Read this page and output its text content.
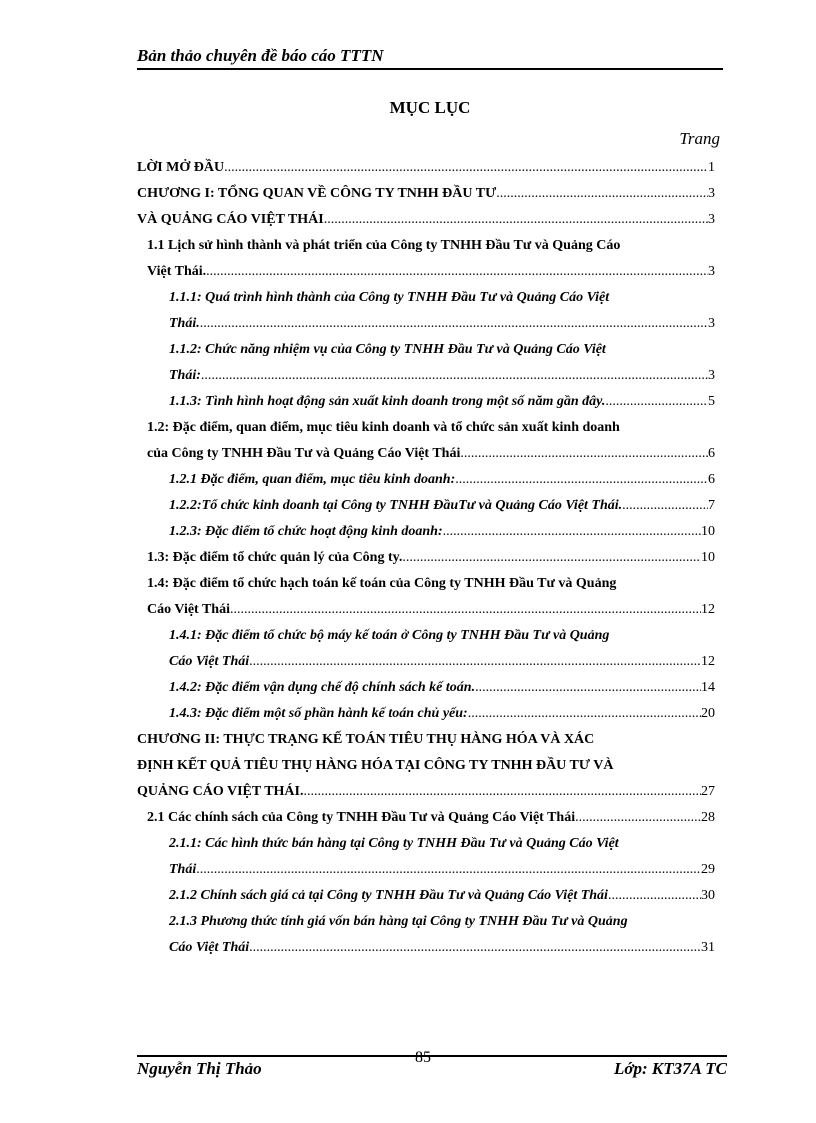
Bản thảo chuyên đề báo cáo TTTN
MỤC LỤC
Trang
LỜI MỞ ĐẦU .....	1
CHƯƠNG I: TỔNG QUAN VỀ CÔNG TY TNHH ĐẦU TƯ .....	3
VÀ QUẢNG CÁO VIỆT THÁI .....	3
1.1 Lịch sử hình thành và phát triển của Công ty TNHH Đầu Tư và Quảng Cáo
Việt Thái. .....	3
1.1.1: Quá trình hình thành của Công ty TNHH Đầu Tư và Quảng Cáo Việt
Thái. .....	3
1.1.2: Chức năng nhiệm vụ của Công ty TNHH Đầu Tư và Quảng Cáo Việt
Thái: .....	3
1.1.3: Tình hình hoạt động sản xuất kinh doanh trong một số năm gần đây. .....	5
1.2: Đặc điểm, quan điểm, mục tiêu kinh doanh và tổ chức sản xuất kinh doanh
của Công ty TNHH Đầu Tư và Quảng Cáo Việt Thái .....	6
1.2.1 Đặc điểm, quan điểm, mục tiêu kinh doanh: .....	6
1.2.2:Tổ chức kinh doanh tại Công ty TNHH ĐầuTư và Quảng Cáo Việt Thái. .....	7
1.2.3: Đặc điểm tổ chức hoạt động kinh doanh: .....	10
1.3: Đặc điểm tổ chức quản lý của Công ty. .....	10
1.4: Đặc điểm tổ chức hạch toán kế toán của Công ty TNHH Đầu Tư và Quảng
Cáo Việt Thái .....	12
1.4.1: Đặc điểm tổ chức bộ máy kế toán ở Công ty TNHH Đầu Tư và Quảng
Cáo Việt Thái .....	12
1.4.2: Đặc điểm vận dụng chế độ chính sách kế toán. .....	14
1.4.3: Đặc điểm một số phần hành kế toán chủ yếu: .....	20
CHƯƠNG II: THỰC TRẠNG KẾ TOÁN TIÊU THỤ HÀNG HÓA VÀ XÁC
ĐỊNH KẾT QUẢ TIÊU THỤ HÀNG HÓA TẠI CÔNG TY TNHH ĐẦU TƯ VÀ
QUẢNG CÁO VIỆT THÁI. .....	27
2.1 Các chính sách của Công ty TNHH Đầu Tư và Quảng Cáo Việt Thái .....	28
2.1.1: Các hình thức bán hàng tại Công ty TNHH Đầu Tư và Quảng Cáo Việt
Thái .....	29
2.1.2 Chính sách giá cả tại Công ty TNHH Đầu Tư và Quảng Cáo Việt Thái .....	30
2.1.3 Phương thức tính giá vốn bán hàng tại Công ty TNHH Đầu Tư và Quảng
Cáo Việt Thái .....	31
85
Nguyễn Thị Thảo	Lớp: KT37A TC
